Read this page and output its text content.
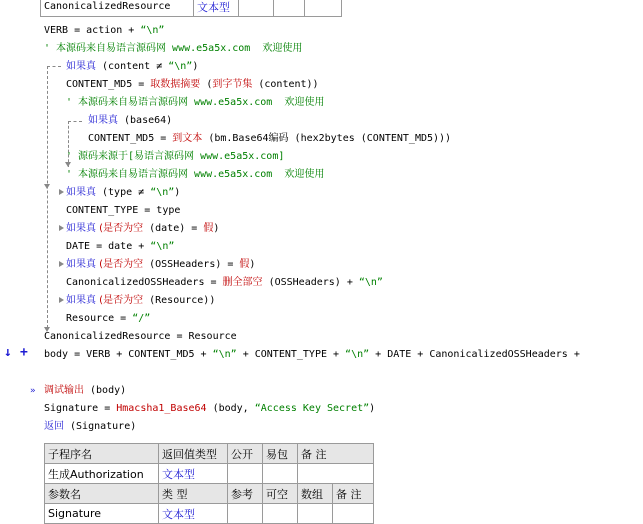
CanonicalizedResource	文本型			
VERB = action + “\n”
' 本源码来自易语言源码网 www.e5a5x.com  欢迎使用
如果真 (content ≠ “\n”)
CONTENT_MD5 = 取数据摘要 (到字节集 (content))
' 本源码来自易语言源码网 www.e5a5x.com  欢迎使用
如果真 (base64)
CONTENT_MD5 = 到文本 (bm.Base64编码 (hex2bytes (CONTENT_MD5)))
' 源码来源于[易语言源码网 www.e5a5x.com]
' 本源码来自易语言源码网 www.e5a5x.com  欢迎使用
如果真 (type ≠ “\n”)
CONTENT_TYPE = type
如果真 (是否为空 (date) = 假)
DATE = date + “\n”
如果真 (是否为空 (OSSHeaders) = 假)
CanonicalizedOSSHeaders = 删全部空 (OSSHeaders) + “\n”
如果真 (是否为空 (Resource))
Resource = “/”
CanonicalizedResource = Resource
↓ + body = VERB + CONTENT_MD5 + “\n” + CONTENT_TYPE + “\n” + DATE + CanonicalizedOSSHeaders +
» 调试输出 (body)
Signature = Hmacsha1_Base64 (body, “Access Key Secret”)
返回 (Signature)
子程序名	返回值类型	公开	易包	备 注	
生成Authorization	文本型				
参数名	类 型	参考	可空	数组	备 注
Signature	文本型				
